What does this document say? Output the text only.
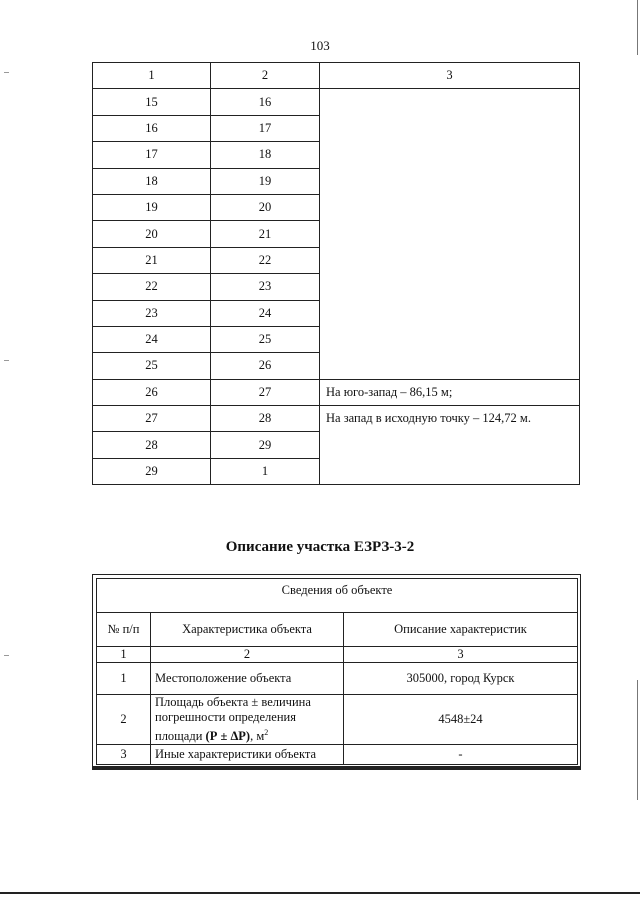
103
1	2	3
15	16	
16	17	
17	18	
18	19	
19	20	
20	21	
21	22	
22	23	
23	24	
24	25	
25	26	
26	27	На юго-запад – 86,15 м;
27	28	На запад в исходную точку – 124,72 м.
28	29	
29	1	
Описание участка ЕЗРЗ-3-2
Сведения об объекте		
№ п/п	Характеристика объекта	Описание характеристик
1	2	3
1	Местоположение объекта	305000, город Курск
2	Площадь объекта ± величина
погрешности определения
площади (Р ± ΔР), $м^2$	4548±24
3	Иные характеристики объекта	-
